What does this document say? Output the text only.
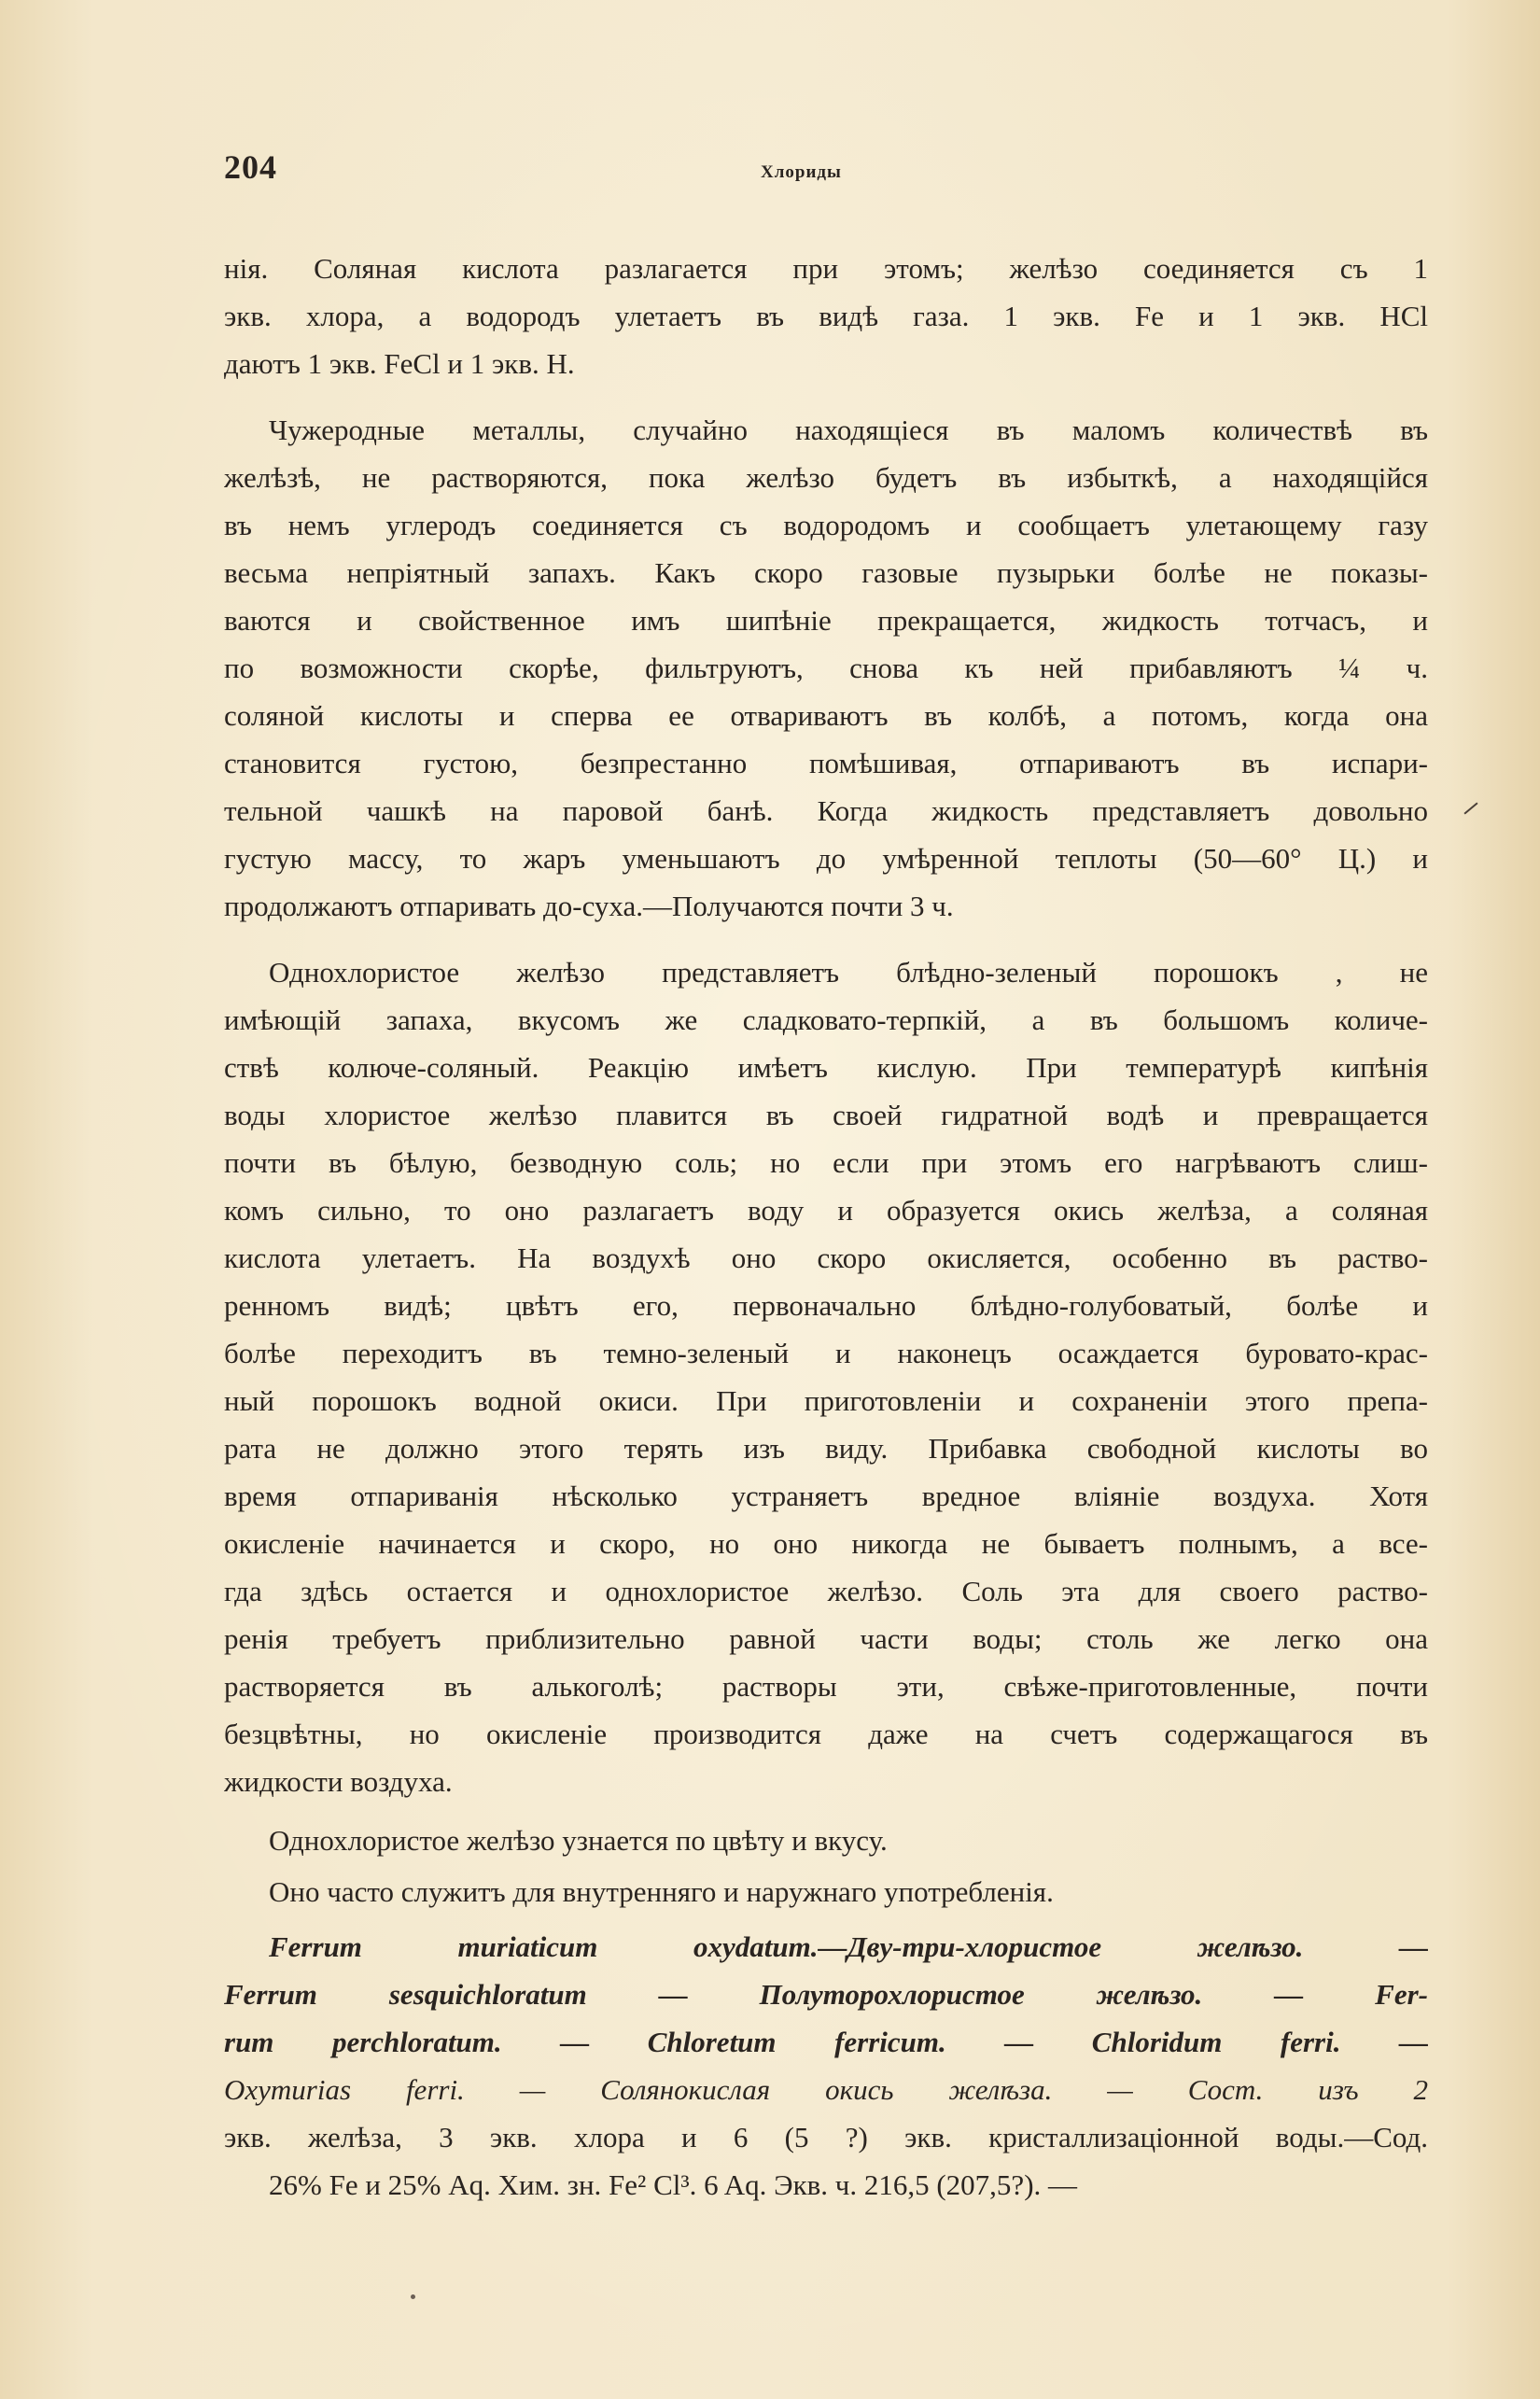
204	Хлориды
нія. Соляная кислота разлагается при этомъ; желѣзо соединяется съ 1
экв. хлора, а водородъ улетаетъ въ видѣ газа. 1 экв. Fe и 1 экв. HCl
даютъ 1 экв. FeCl и 1 экв. H.
Чужеродные металлы, случайно находящіеся въ маломъ количествѣ въ
желѣзѣ, не растворяются, пока желѣзо будетъ въ избыткѣ, а находящійся
въ немъ углеродъ соединяется съ водородомъ и сообщаетъ улетающему газу
весьма непріятный запахъ. Какъ скоро газовые пузырьки болѣе не показы-
ваются и свойственное имъ шипѣніе прекращается, жидкость тотчасъ, и
по возможности скорѣе, фильтруютъ, снова къ ней прибавляютъ ¼ ч.
соляной кислоты и сперва ее отвариваютъ въ колбѣ, а потомъ, когда она
становится густою, безпрестанно помѣшивая, отпариваютъ въ испари-
тельной чашкѣ на паровой банѣ. Когда жидкость представляетъ довольно
густую массу, то жаръ уменьшаютъ до умѣренной теплоты (50—60° Ц.) и
продолжаютъ отпаривать до-суха.—Получаются почти 3 ч.
Однохлористое желѣзо представляетъ блѣдно-зеленый порошокъ , не
имѣющій запаха, вкусомъ же сладковато-терпкій, а въ большомъ количе-
ствѣ колюче-соляный. Реакцію имѣетъ кислую. При температурѣ кипѣнія
воды хлористое желѣзо плавится въ своей гидратной водѣ и превращается
почти въ бѣлую, безводную соль; но если при этомъ его нагрѣваютъ слиш-
комъ сильно, то оно разлагаетъ воду и образуется окись желѣза, а соляная
кислота улетаетъ. На воздухѣ оно скоро окисляется, особенно въ раство-
ренномъ видѣ; цвѣтъ его, первоначально блѣдно-голубоватый, болѣе и
болѣе переходитъ въ темно-зеленый и наконецъ осаждается буровато-крас-
ный порошокъ водной окиси. При приготовленіи и сохраненіи этого препа-
рата не должно этого терять изъ виду. Прибавка свободной кислоты во
время отпариванія нѣсколько устраняетъ вредное вліяніе воздуха. Хотя
окисленіе начинается и скоро, но оно никогда не бываетъ полнымъ, а все-
гда здѣсь остается и однохлористое желѣзо. Соль эта для своего раство-
ренія требуетъ приблизительно равной части воды; столь же легко она
растворяется въ алькоголѣ; растворы эти, свѣже-приготовленные, почти
безцвѣтны, но окисленіе производится даже на счетъ содержащагося въ
жидкости воздуха.
Однохлористое желѣзо узнается по цвѣту и вкусу.
Оно часто служитъ для внутренняго и наружнаго употребленія.
Ferrum muriaticum oxydatum.—Двy-три-хлористое желѣзо. —
Ferrum sesquichloratum — Полуторохлористое желѣзо. — Fer-
rum perchloratum. — Chloretum ferricum. — Chloridum ferri. —
Oxymurias ferri. — Солянокислая окись желѣза. — Сост. изъ 2
экв. желѣза, 3 экв. хлора и 6 (5 ?) экв. кристаллизаціонной воды.—Сод.
26% Fe и 25% Aq. Хим. зн. Fe² Cl³. 6 Aq. Экв. ч. 216,5 (207,5?). —
